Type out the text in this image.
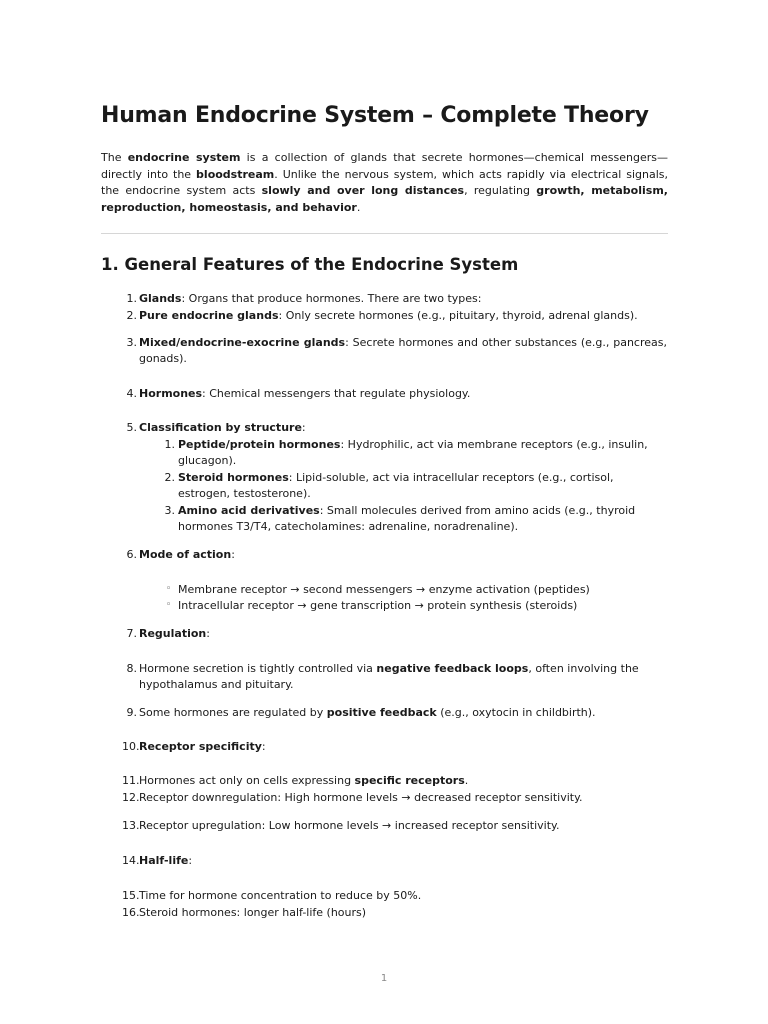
Human Endocrine System – Complete Theory

The endocrine system is a collection of glands that secrete hormones—chemical messengers—directly into the bloodstream. Unlike the nervous system, which acts rapidly via electrical signals, the endocrine system acts slowly and over long distances, regulating growth, metabolism, reproduction, homeostasis, and behavior.

1. General Features of the Endocrine System
1. Glands: Organs that produce hormones. There are two types:
2. Pure endocrine glands: Only secrete hormones (e.g., pituitary, thyroid, adrenal glands).
3. Mixed/endocrine-exocrine glands: Secrete hormones and other substances (e.g., pancreas, gonads).
4. Hormones: Chemical messengers that regulate physiology.
5. Classification by structure:
1. Peptide/protein hormones: Hydrophilic, act via membrane receptors (e.g., insulin, glucagon).
2. Steroid hormones: Lipid-soluble, act via intracellular receptors (e.g., cortisol, estrogen, testosterone).
3. Amino acid derivatives: Small molecules derived from amino acids (e.g., thyroid hormones T3/T4, catecholamines: adrenaline, noradrenaline).
6. Mode of action:
◦ Membrane receptor → second messengers → enzyme activation (peptides)
◦ Intracellular receptor → gene transcription → protein synthesis (steroids)
7. Regulation:
8. Hormone secretion is tightly controlled via negative feedback loops, often involving the hypothalamus and pituitary.
9. Some hormones are regulated by positive feedback (e.g., oxytocin in childbirth).
10. Receptor specificity:
11. Hormones act only on cells expressing specific receptors.
12. Receptor downregulation: High hormone levels → decreased receptor sensitivity.
13. Receptor upregulation: Low hormone levels → increased receptor sensitivity.
14. Half-life:
15. Time for hormone concentration to reduce by 50%.
16. Steroid hormones: longer half-life (hours)
1
